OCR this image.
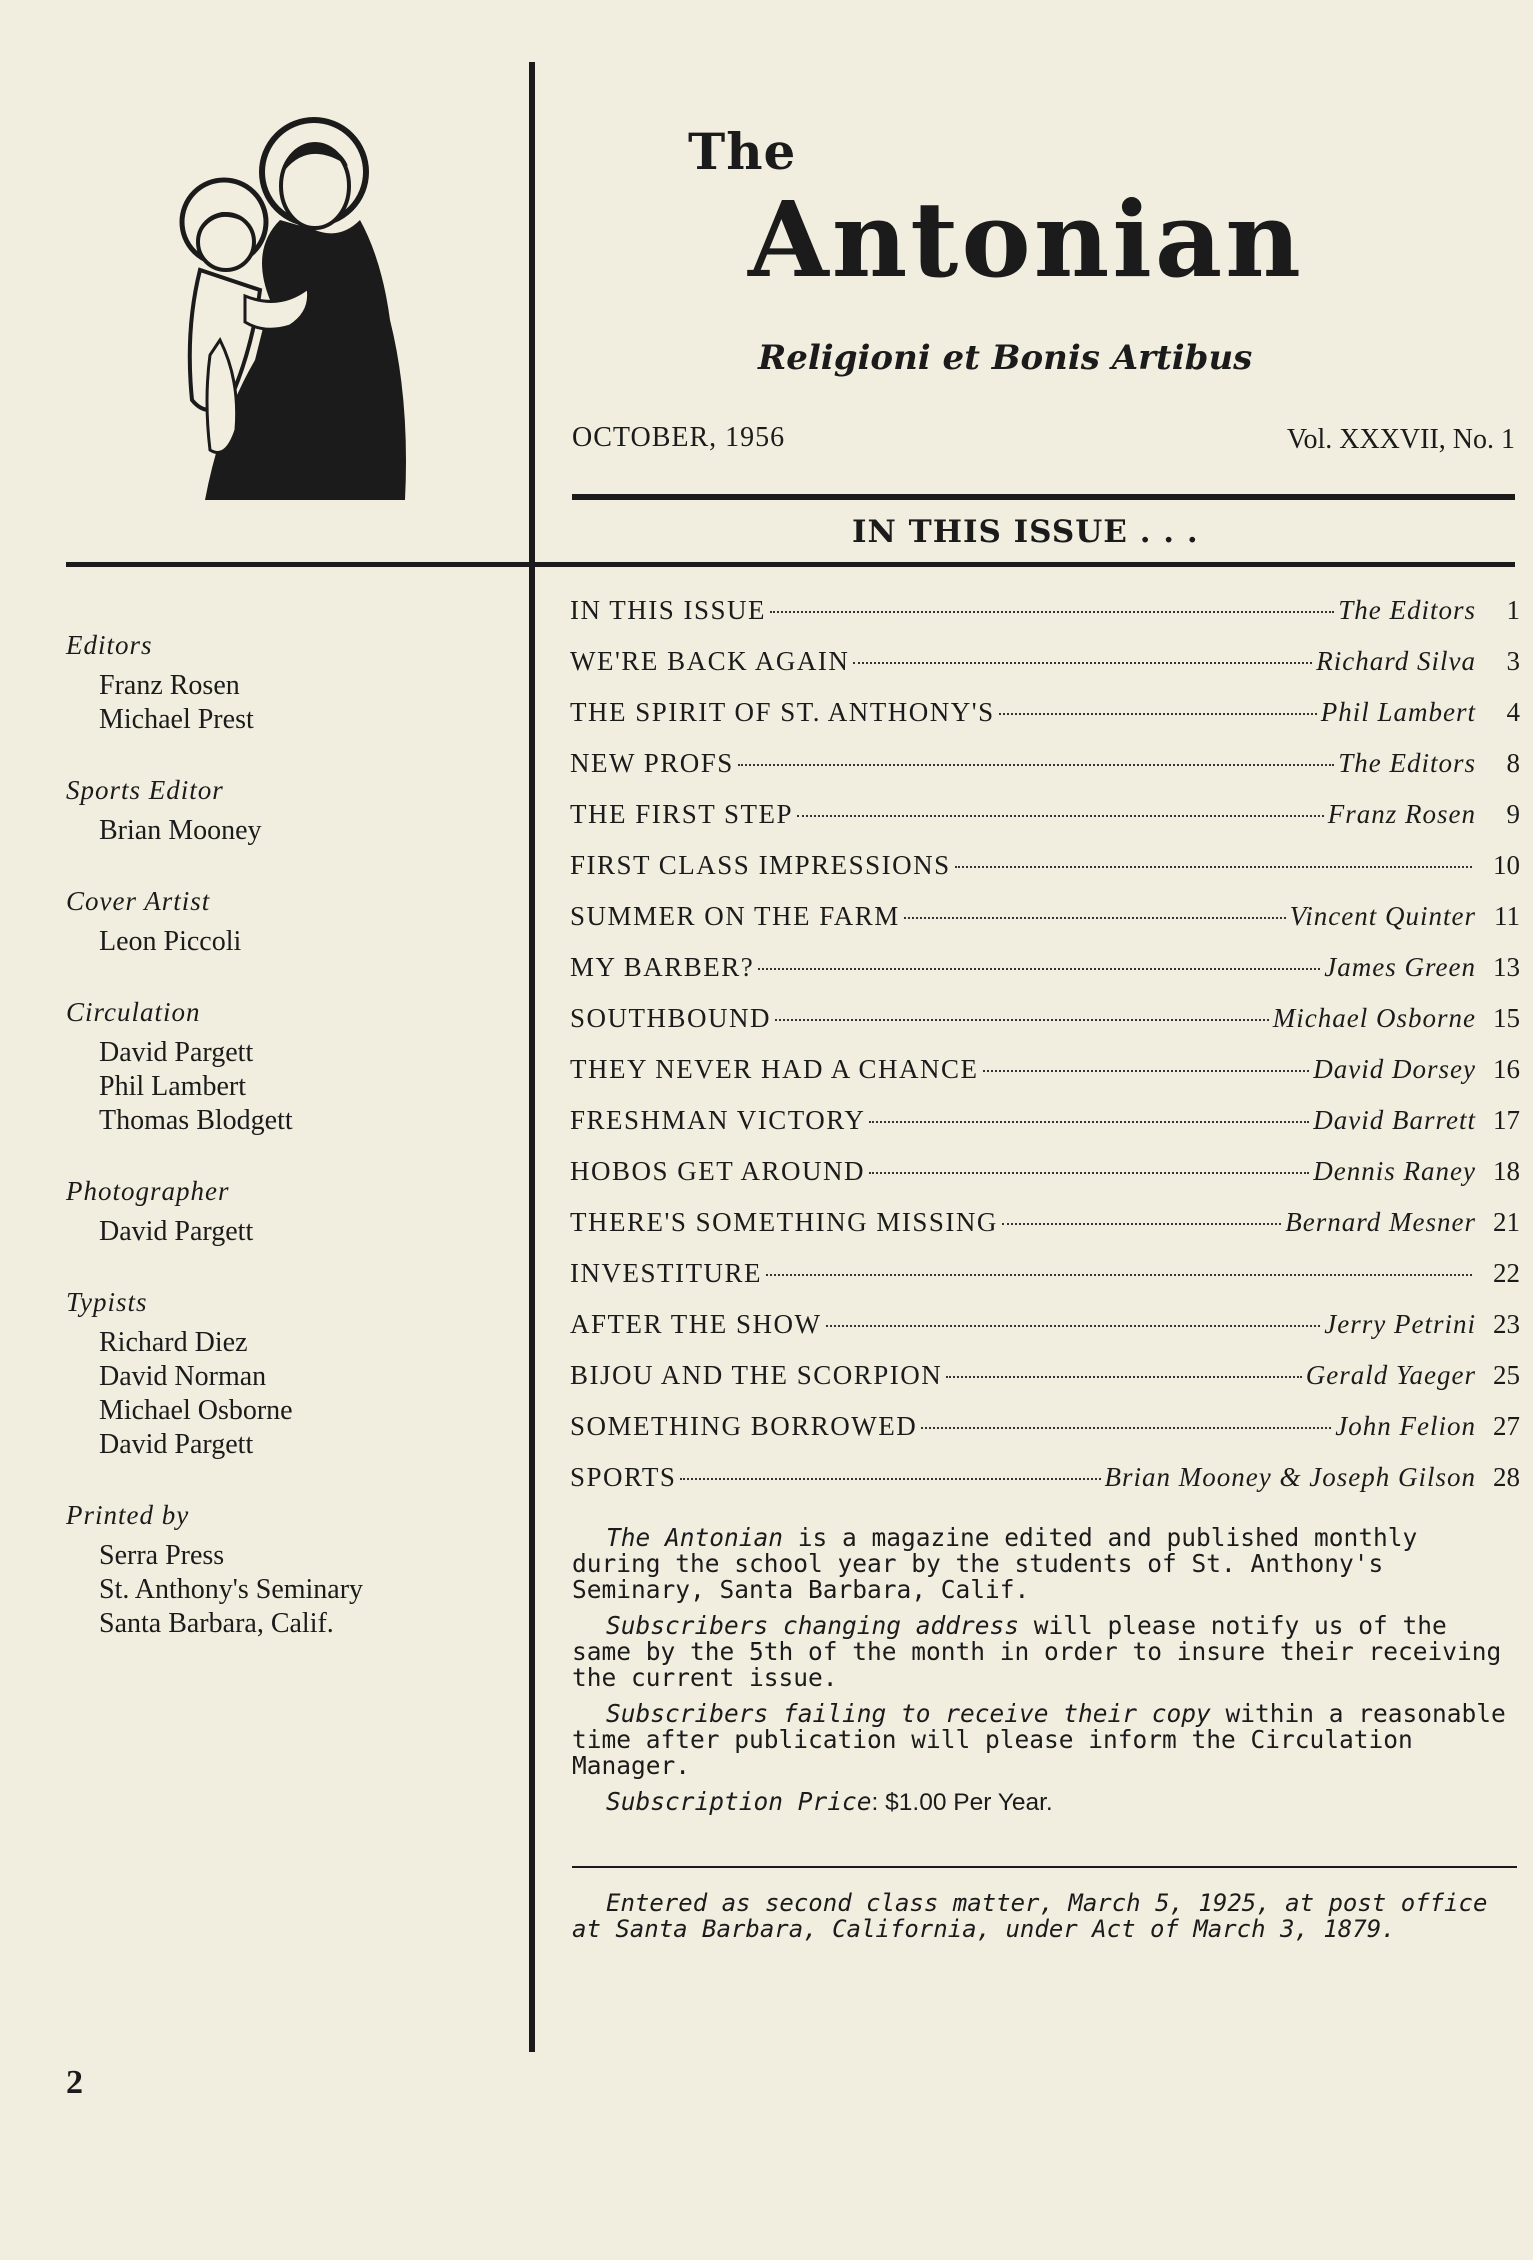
The
Antonian
Religioni et Bonis Artibus
OCTOBER, 1956	Vol. XXXVII, No. 1
IN THIS ISSUE . . .
Editors
Franz Rosen
Michael Prest
Sports Editor
Brian Mooney
Cover Artist
Leon Piccoli
Circulation
David Pargett
Phil Lambert
Thomas Blodgett
Photographer
David Pargett
Typists
Richard Diez
David Norman
Michael Osborne
David Pargett
Printed by
Serra Press
St. Anthony's Seminary
Santa Barbara, Calif.
IN THIS ISSUE	The Editors	1
WE'RE BACK AGAIN	Richard Silva	3
THE SPIRIT OF ST. ANTHONY'S	Phil Lambert	4
NEW PROFS	The Editors	8
THE FIRST STEP	Franz Rosen	9
FIRST CLASS IMPRESSIONS	10
SUMMER ON THE FARM	Vincent Quinter 11
MY BARBER?	James Green 13
SOUTHBOUND	Michael Osborne 15
THEY NEVER HAD A CHANCE	David Dorsey 16
FRESHMAN VICTORY	David Barrett 17
HOBOS GET AROUND	Dennis Raney 18
THERE'S SOMETHING MISSING	Bernard Mesner 21
INVESTITURE	22
AFTER THE SHOW	Jerry Petrini 23
BIJOU AND THE SCORPION	Gerald Yaeger 25
SOMETHING BORROWED	John Felion 27
SPORTS	Brian Mooney & Joseph Gilson 28

The Antonian is a magazine edited and published monthly during the school year by the students of St. Anthony's Seminary, Santa Barbara, Calif.

Subscribers changing address will please notify us of the same by the 5th of the month in order to insure their receiving the current issue.

Subscribers failing to receive their copy within a reasonable time after publication will please inform the Circulation Manager.

Subscription Price: $1.00 Per Year.

Entered as second class matter, March 5, 1925, at post office at Santa Barbara, California, under Act of March 3, 1879.
2
